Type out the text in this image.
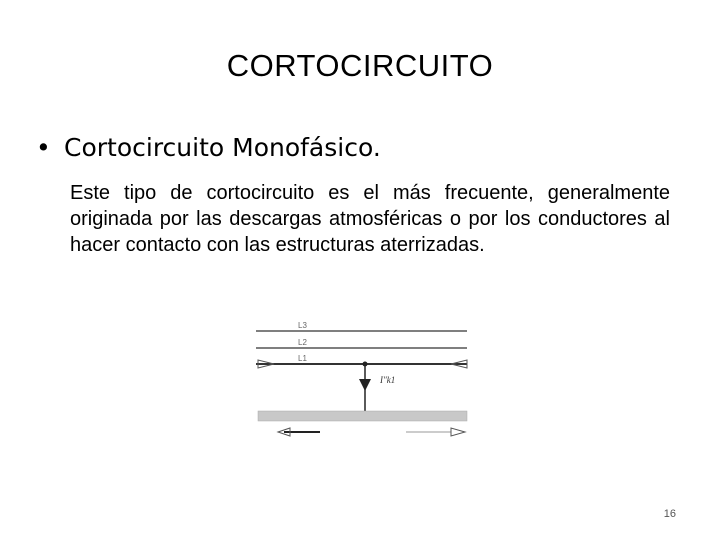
CORTOCIRCUITO
• Cortocircuito Monofásico.
Este tipo de cortocircuito es el más frecuente, generalmente originada por las descargas atmosféricas o por los conductores al hacer contacto con las estructuras aterrizadas.
L3
L2
L1
I"k1
16
